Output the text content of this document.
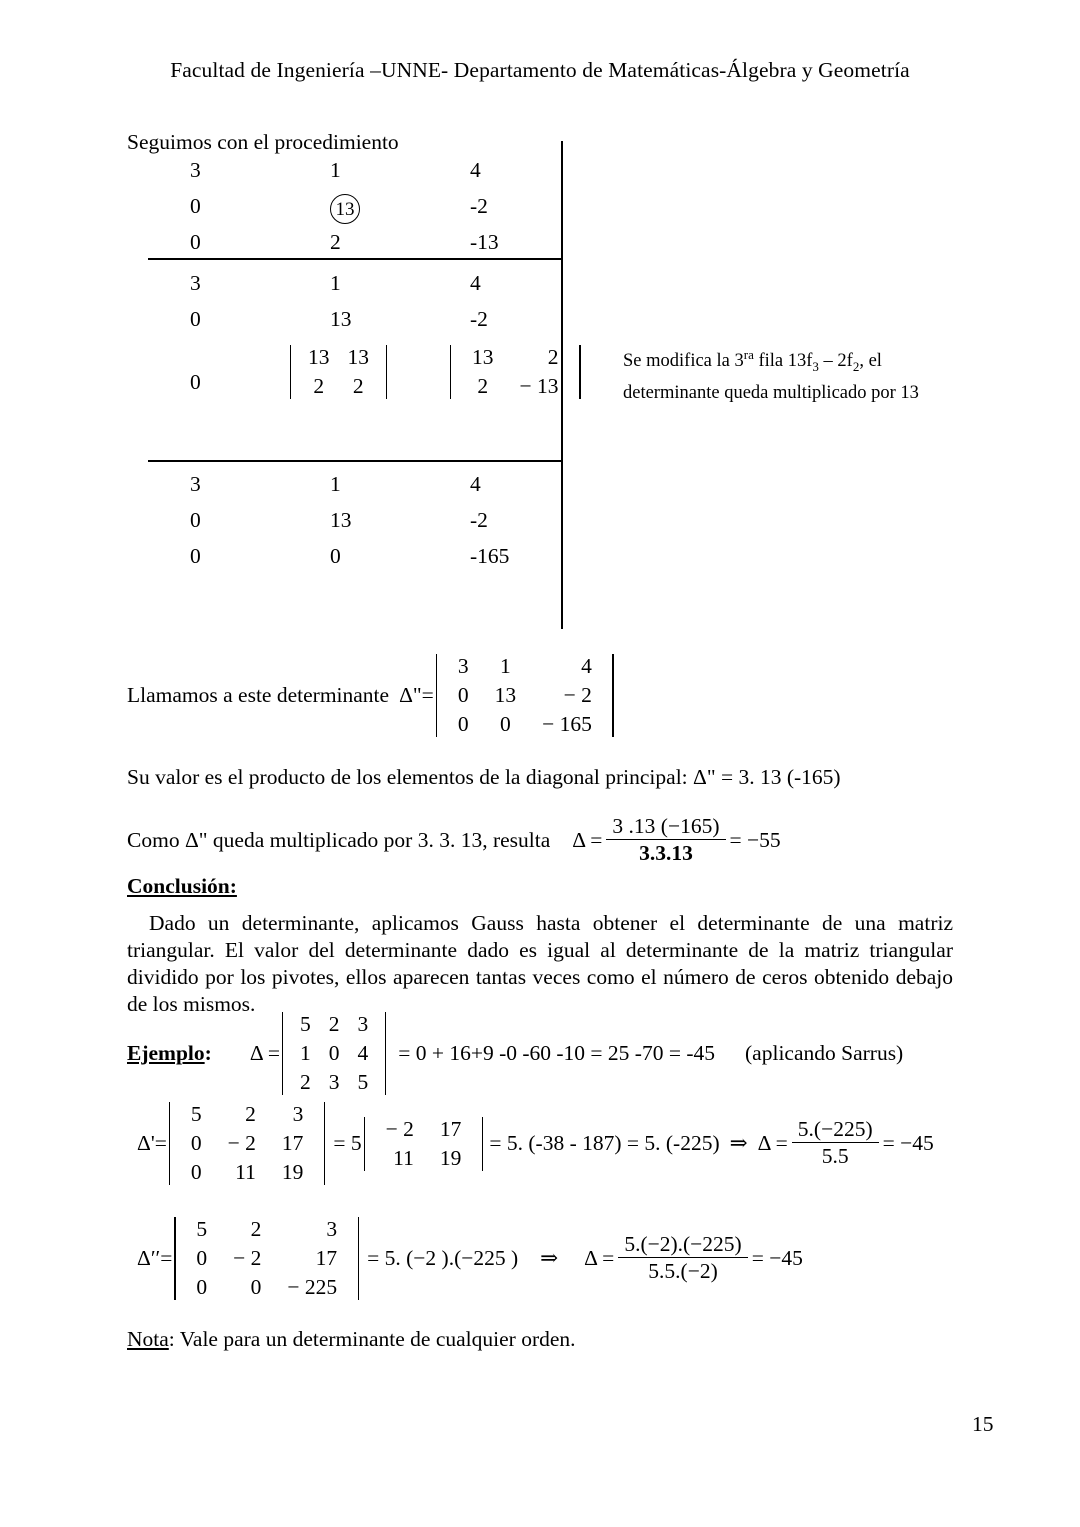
Facultad de Ingeniería –UNNE- Departamento de Matemáticas-Álgebra y Geometría
Seguimos con el procedimiento
3	1	4
0	13	-2
0	2	-13
3	1	4
0	13	-2
0
13	13
2	2
13	2
2	− 13
Se modifica la $3^{ra}$ fila $13f_3 - 2f_2$, el
determinante queda multiplicado por 13
3	1	4
0	13	-2
0	0	-165
Llamamos a este determinante Δ"=
3	1	4
0	13	− 2
0	0	− 165
Su valor es el producto de los elementos de la diagonal principal: Δ" = 3. 13 (-165)
Como Δ" queda multiplicado por 3. 3. 13, resulta $\Delta = \frac{3 .13 (-165)}{3.3.13} = -55$
Conclusión:
Dado un determinante, aplicamos Gauss hasta obtener el determinante de una matriz triangular. El valor del determinante dado es igual al determinante de la matriz triangular dividido por los pivotes, ellos aparecen tantas veces como el número de ceros obtenido debajo de los mismos.
Ejemplo : Δ =
5	2	3
1	0	4
2	3	5
= 0 + 16+9 -0 -60 -10 = 25 -70 = -45 (aplicando Sarrus)
Δ'=
5	2	3
0	− 2	17
0	11	19
= 5
− 2	17
11	19
= 5. (-38 - 187) = 5. (-225) ⇒ $\Delta = \frac{5.(-225)}{5.5} = -45$
Δ′′=
5	2	3
0	− 2	17
0	0	− 225
= 5. (−2 ).(−225 ) ⇒ $\Delta = \frac{5.(-2).(-225)}{5.5.(-2)} = -45$
Nota : Vale para un determinante de cualquier orden.
15
